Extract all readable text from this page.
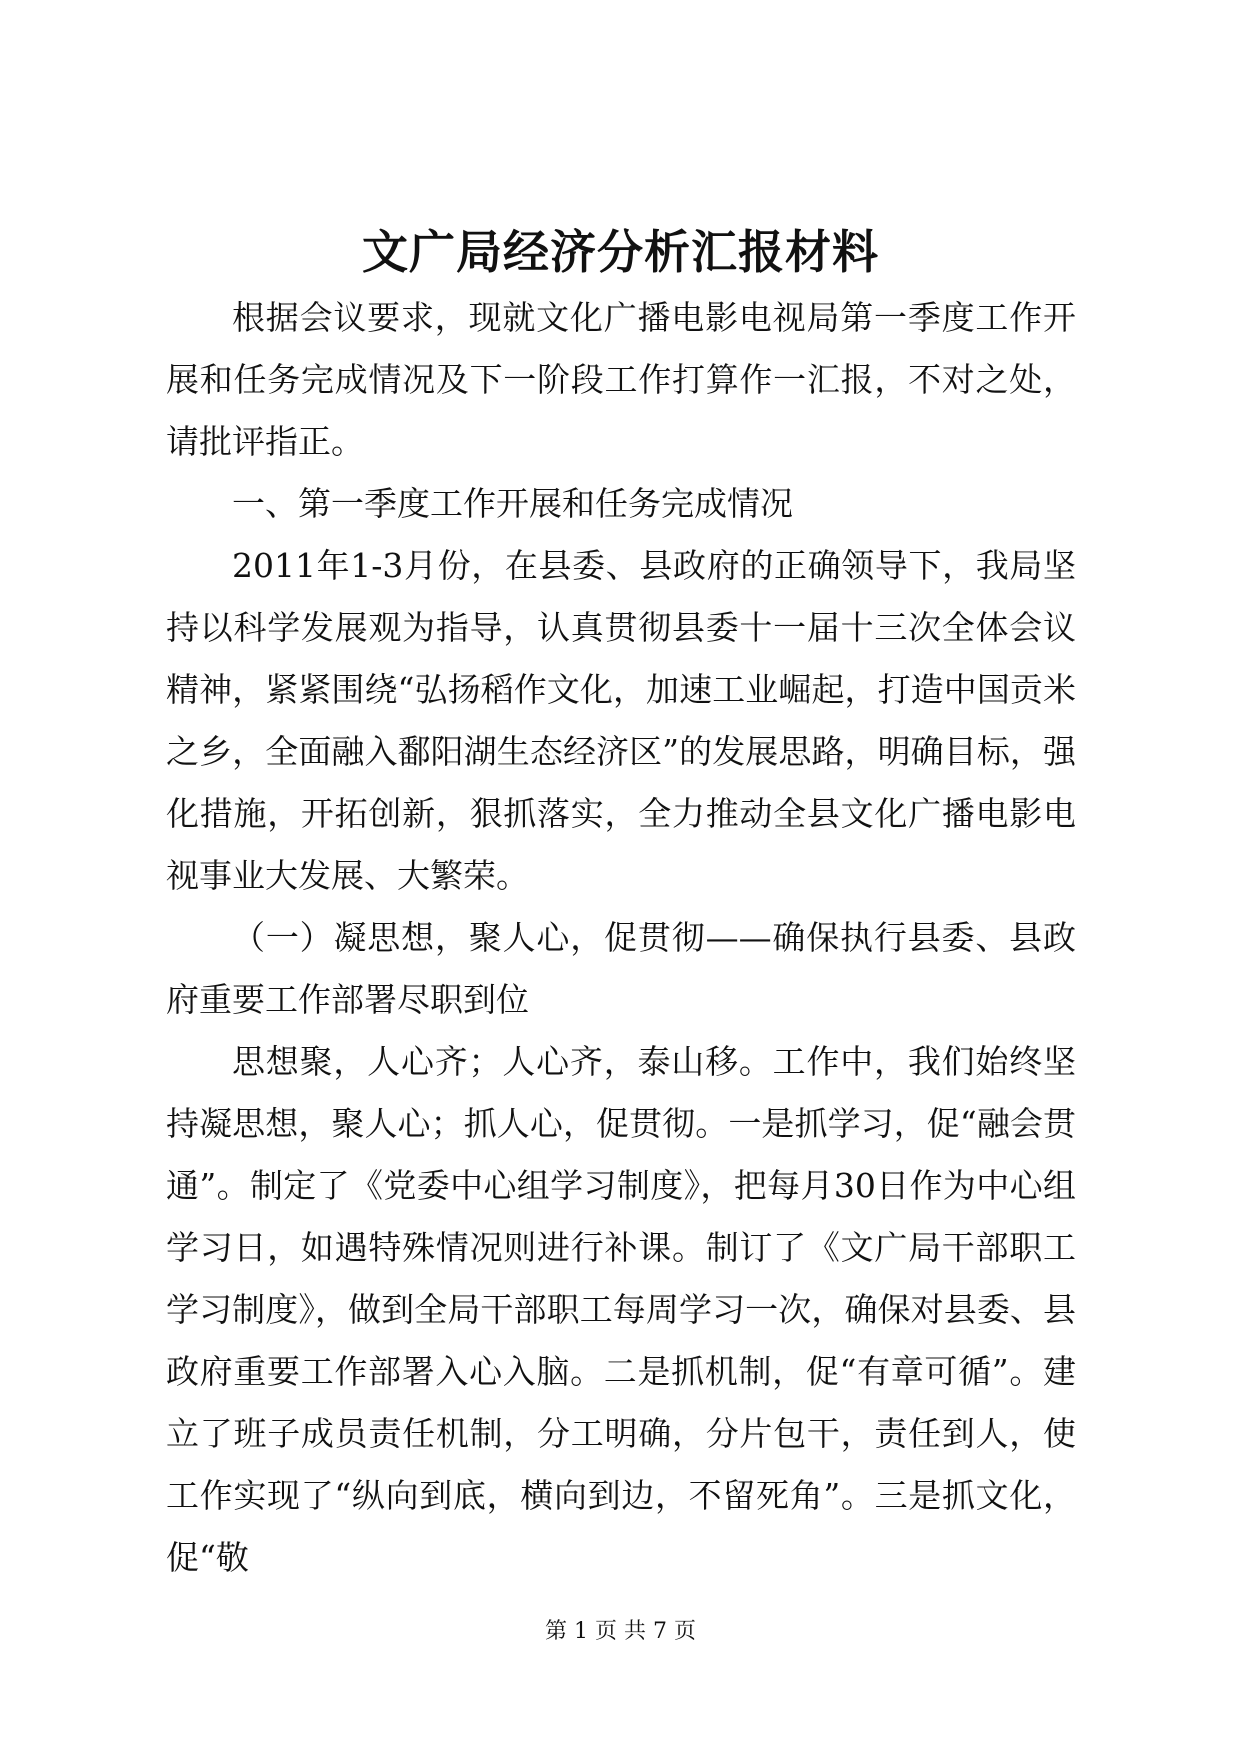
文广局经济分析汇报材料

根据会议要求，现就文化广播电影电视局第一季度工作开展和任务完成情况及下一阶段工作打算作一汇报，不对之处，请批评指正。

一、第一季度工作开展和任务完成情况

2011年1-3月份，在县委、县政府的正确领导下，我局坚持以科学发展观为指导，认真贯彻县委十一届十三次全体会议精神，紧紧围绕“弘扬稻作文化，加速工业崛起，打造中国贡米之乡，全面融入鄱阳湖生态经济区”的发展思路，明确目标，强化措施，开拓创新，狠抓落实，全力推动全县文化广播电影电视事业大发展、大繁荣。

（一）凝思想，聚人心，促贯彻——确保执行县委、县政府重要工作部署尽职到位

思想聚，人心齐；人心齐，泰山移。工作中，我们始终坚持凝思想，聚人心；抓人心，促贯彻。一是抓学习，促“融会贯通”。制定了《党委中心组学习制度》，把每月30日作为中心组学习日，如遇特殊情况则进行补课。制订了《文广局干部职工学习制度》，做到全局干部职工每周学习一次，确保对县委、县政府重要工作部署入心入脑。二是抓机制，促“有章可循”。建立了班子成员责任机制，分工明确，分片包干，责任到人，使工作实现了“纵向到底，横向到边，不留死角”。三是抓文化，促“敬

第 1 页 共 7 页
